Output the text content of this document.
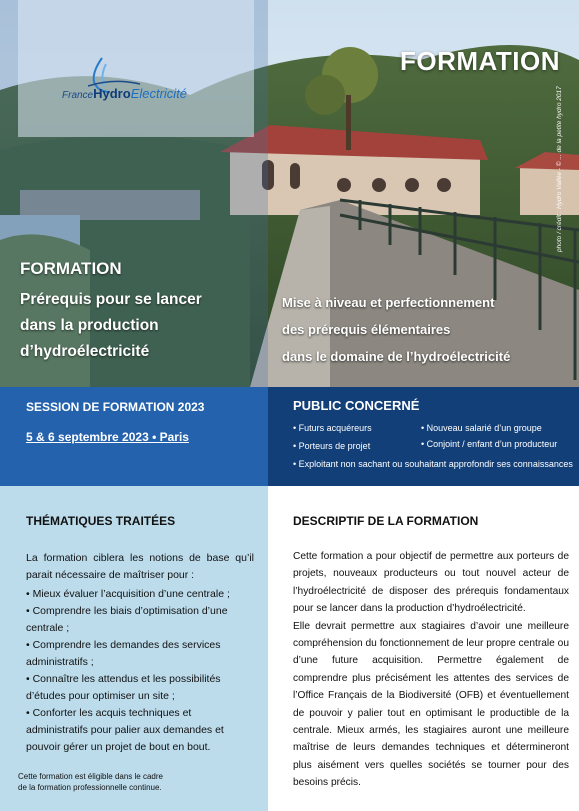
FranceHydroElectricité
FORMATION
photo / crédit : Hydro Vallée - © ... de la petite hydro 2017
FORMATION
Prérequis pour se lancer
dans la production
d’hydroélectricité
Mise à niveau et perfectionnement
des prérequis élémentaires
dans le domaine de l’hydroélectricité
SESSION DE FORMATION 2023
5 & 6 septembre 2023 • Paris
PUBLIC CONCERNÉ
• Futurs acquéreurs	• Nouveau salarié d’un groupe
• Porteurs de projet	• Conjoint / enfant d’un producteur
• Exploitant non sachant ou souhaitant approfondir ses connaissances
THÉMATIQUES TRAITÉES
La formation ciblera les notions de base qu’il parait nécessaire de maîtriser pour :
• Mieux évaluer l’acquisition d’une centrale ;
• Comprendre les biais d’optimisation d’une centrale ;
• Comprendre les demandes des services administratifs ;
• Connaître les attendus et les possibilités d’études pour optimiser un site ;
• Conforter les acquis techniques et administratifs pour palier aux demandes et pouvoir gérer un projet de bout en bout.
Cette formation est éligible dans le cadre
de la formation professionnelle continue.
DESCRIPTIF DE LA FORMATION

Cette formation a pour objectif de permettre aux porteurs de projets, nouveaux producteurs ou tout nouvel acteur de l’hydroélectricité de disposer des prérequis fondamentaux pour se lancer dans la production d’hydroélectricité.

Elle devrait permettre aux stagiaires d’avoir une meilleure compréhension du fonctionnement de leur propre centrale ou d’une future acquisition. Permettre également de comprendre plus précisément les attentes des services de l’Office Français de la Biodiversité (OFB) et éventuellement de pouvoir y palier tout en optimisant le productible de la centrale. Mieux armés, les stagiaires auront une meilleure maîtrise de leurs demandes techniques et détermineront plus aisément vers quelles sociétés se tourner pour des besoins précis.
